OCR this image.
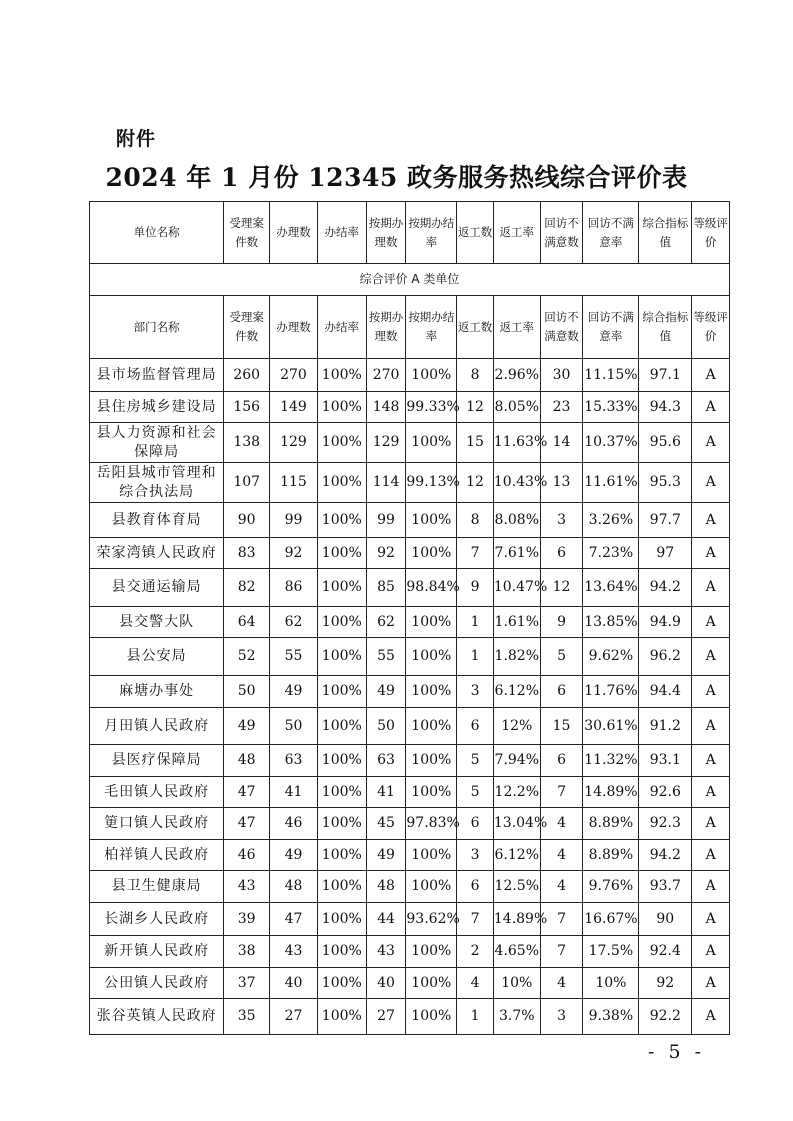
附件
2024 年 1 月份 12345 政务服务热线综合评价表
单位名称	受理案件数	办理数	办结率	按期办理数	按期办结率	返工数	返工率	回访不满意数	回访不满意率	综合指标值	等级评价
综合评价 A 类单位											
部门名称	受理案件数	办理数	办结率	按期办理数	按期办结率	返工数	返工率	回访不满意数	回访不满意率	综合指标值	等级评价
县市场监督管理局	260	270	100%	270	100%	8	2.96%	30	11.15%	97.1	A
县住房城乡建设局	156	149	100%	148	99.33%	12	8.05%	23	15.33%	94.3	A
县人力资源和社会保障局	138	129	100%	129	100%	15	11.63%	14	10.37%	95.6	A
岳阳县城市管理和综合执法局	107	115	100%	114	99.13%	12	10.43%	13	11.61%	95.3	A
县教育体育局	90	99	100%	99	100%	8	8.08%	3	3.26%	97.7	A
荣家湾镇人民政府	83	92	100%	92	100%	7	7.61%	6	7.23%	97	A
县交通运输局	82	86	100%	85	98.84%	9	10.47%	12	13.64%	94.2	A
县交警大队	64	62	100%	62	100%	1	1.61%	9	13.85%	94.9	A
县公安局	52	55	100%	55	100%	1	1.82%	5	9.62%	96.2	A
麻塘办事处	50	49	100%	49	100%	3	6.12%	6	11.76%	94.4	A
月田镇人民政府	49	50	100%	50	100%	6	12%	15	30.61%	91.2	A
县医疗保障局	48	63	100%	63	100%	5	7.94%	6	11.32%	93.1	A
毛田镇人民政府	47	41	100%	41	100%	5	12.2%	7	14.89%	92.6	A
筻口镇人民政府	47	46	100%	45	97.83%	6	13.04%	4	8.89%	92.3	A
柏祥镇人民政府	46	49	100%	49	100%	3	6.12%	4	8.89%	94.2	A
县卫生健康局	43	48	100%	48	100%	6	12.5%	4	9.76%	93.7	A
长湖乡人民政府	39	47	100%	44	93.62%	7	14.89%	7	16.67%	90	A
新开镇人民政府	38	43	100%	43	100%	2	4.65%	7	17.5%	92.4	A
公田镇人民政府	37	40	100%	40	100%	4	10%	4	10%	92	A
张谷英镇人民政府	35	27	100%	27	100%	1	3.7%	3	9.38%	92.2	A
- 5 -
